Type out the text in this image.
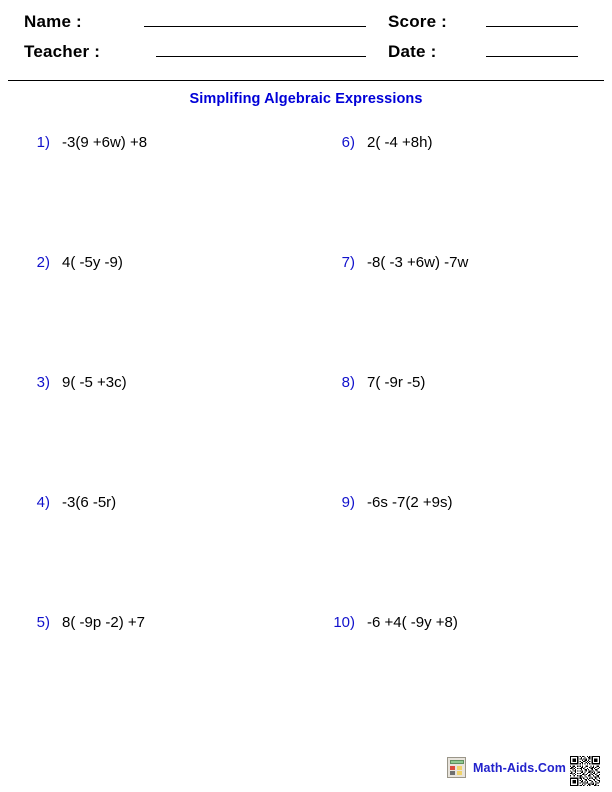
Name :
Teacher :
Score :
Date :
Simplifing Algebraic Expressions
1) -3(9 +6w) +8
2) 4( -5y -9)
3) 9( -5 +3c)
4) -3(6 -5r)
5) 8( -9p -2) +7
6) 2( -4 +8h)
7) -8( -3 +6w) -7w
8) 7( -9r -5)
9) -6s -7(2 +9s)
10) -6 +4( -9y +8)
Math-Aids.Com
